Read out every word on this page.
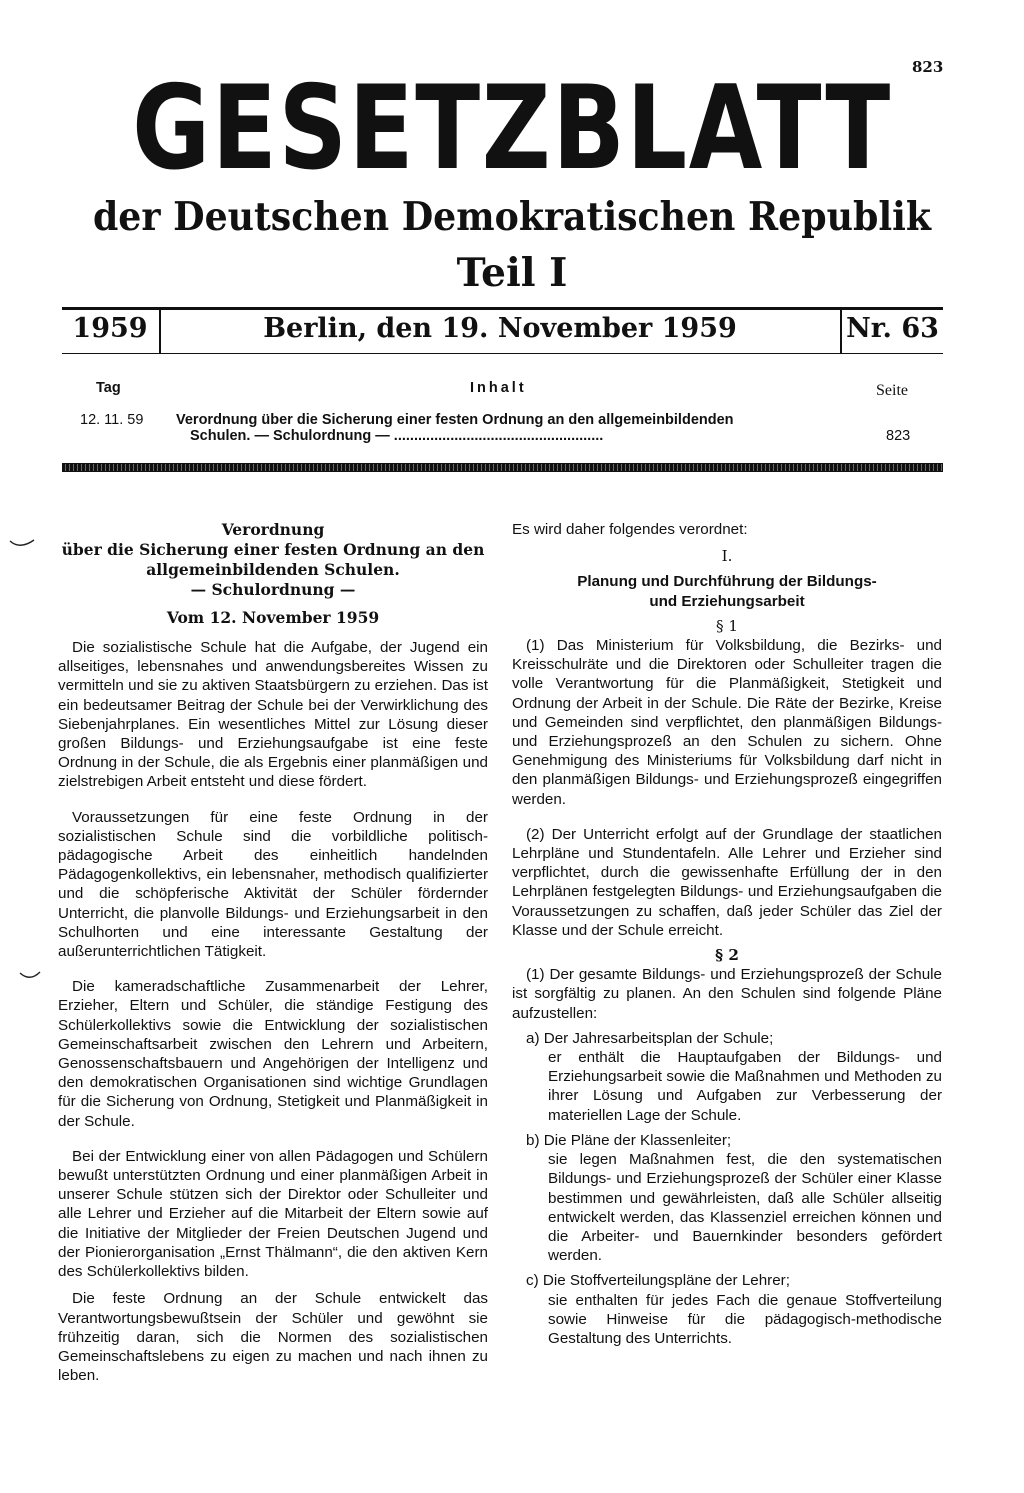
823
GESETZBLATT
der Deutschen Demokratischen Republik
Teil I
1959	Berlin, den 19. November 1959	Nr. 63
Tag	Inhalt	Seite
12. 11. 59 Verordnung über die Sicherung einer festen Ordnung an den allgemeinbildenden
Schulen. — Schulordnung — ....................................................	823
Verordnung
über die Sicherung einer festen Ordnung an den
allgemeinbildenden Schulen.
— Schulordnung —
Vom 12. November 1959

Die sozialistische Schule hat die Aufgabe, der Jugend ein allseitiges, lebensnahes und anwendungsbereites Wissen zu vermitteln und sie zu aktiven Staatsbürgern zu erziehen. Das ist ein bedeutsamer Beitrag der Schule bei der Verwirklichung des Siebenjahrplanes. Ein wesentliches Mittel zur Lösung dieser großen Bildungs- und Erziehungsaufgabe ist eine feste Ordnung in der Schule, die als Ergebnis einer planmäßigen und zielstrebigen Arbeit entsteht und diese fördert.

Voraussetzungen für eine feste Ordnung in der sozialistischen Schule sind die vorbildliche politisch-pädagogische Arbeit des einheitlich handelnden Pädagogenkollektivs, ein lebensnaher, methodisch qualifizierter und die schöpferische Aktivität der Schüler fördernder Unterricht, die planvolle Bildungs- und Erziehungsarbeit in den Schulhorten und eine interessante Gestaltung der außerunterrichtlichen Tätigkeit.

Die kameradschaftliche Zusammenarbeit der Lehrer, Erzieher, Eltern und Schüler, die ständige Festigung des Schülerkollektivs sowie die Entwicklung der sozialistischen Gemeinschaftsarbeit zwischen den Lehrern und Arbeitern, Genossenschaftsbauern und Angehörigen der Intelligenz und den demokratischen Organisationen sind wichtige Grundlagen für die Sicherung von Ordnung, Stetigkeit und Planmäßigkeit in der Schule.

Bei der Entwicklung einer von allen Pädagogen und Schülern bewußt unterstützten Ordnung und einer planmäßigen Arbeit in unserer Schule stützen sich der Direktor oder Schulleiter und alle Lehrer und Erzieher auf die Mitarbeit der Eltern sowie auf die Initiative der Mitglieder der Freien Deutschen Jugend und der Pionierorganisation „Ernst Thälmann“, die den aktiven Kern des Schülerkollektivs bilden.

Die feste Ordnung an der Schule entwickelt das Verantwortungsbewußtsein der Schüler und gewöhnt sie frühzeitig daran, sich die Normen des sozialistischen Gemeinschaftslebens zu eigen zu machen und nach ihnen zu leben.

Es wird daher folgendes verordnet:

I.
Planung und Durchführung der Bildungs-
und Erziehungsarbeit
§ 1

(1) Das Ministerium für Volksbildung, die Bezirks- und Kreisschulräte und die Direktoren oder Schulleiter tragen die volle Verantwortung für die Planmäßigkeit, Stetigkeit und Ordnung der Arbeit in der Schule. Die Räte der Bezirke, Kreise und Gemeinden sind verpflichtet, den planmäßigen Bildungs- und Erziehungsprozeß an den Schulen zu sichern. Ohne Genehmigung des Ministeriums für Volksbildung darf nicht in den planmäßigen Bildungs- und Erziehungsprozeß eingegriffen werden.

(2) Der Unterricht erfolgt auf der Grundlage der staatlichen Lehrpläne und Stundentafeln. Alle Lehrer und Erzieher sind verpflichtet, durch die gewissenhafte Erfüllung der in den Lehrplänen festgelegten Bildungs- und Erziehungsaufgaben die Voraussetzungen zu schaffen, daß jeder Schüler das Ziel der Klasse und der Schule erreicht.

§ 2

(1) Der gesamte Bildungs- und Erziehungsprozeß der Schule ist sorgfältig zu planen. An den Schulen sind folgende Pläne aufzustellen:

a) Der Jahresarbeitsplan der Schule;

er enthält die Hauptaufgaben der Bildungs- und Erziehungsarbeit sowie die Maßnahmen und Methoden zu ihrer Lösung und Aufgaben zur Verbesserung der materiellen Lage der Schule.

b) Die Pläne der Klassenleiter;

sie legen Maßnahmen fest, die den systematischen Bildungs- und Erziehungsprozeß der Schüler einer Klasse bestimmen und gewährleisten, daß alle Schüler allseitig entwickelt werden, das Klassenziel erreichen können und die Arbeiter- und Bauernkinder besonders gefördert werden.

c) Die Stoffverteilungspläne der Lehrer;

sie enthalten für jedes Fach die genaue Stoffverteilung sowie Hinweise für die pädagogisch-methodische Gestaltung des Unterrichts.
